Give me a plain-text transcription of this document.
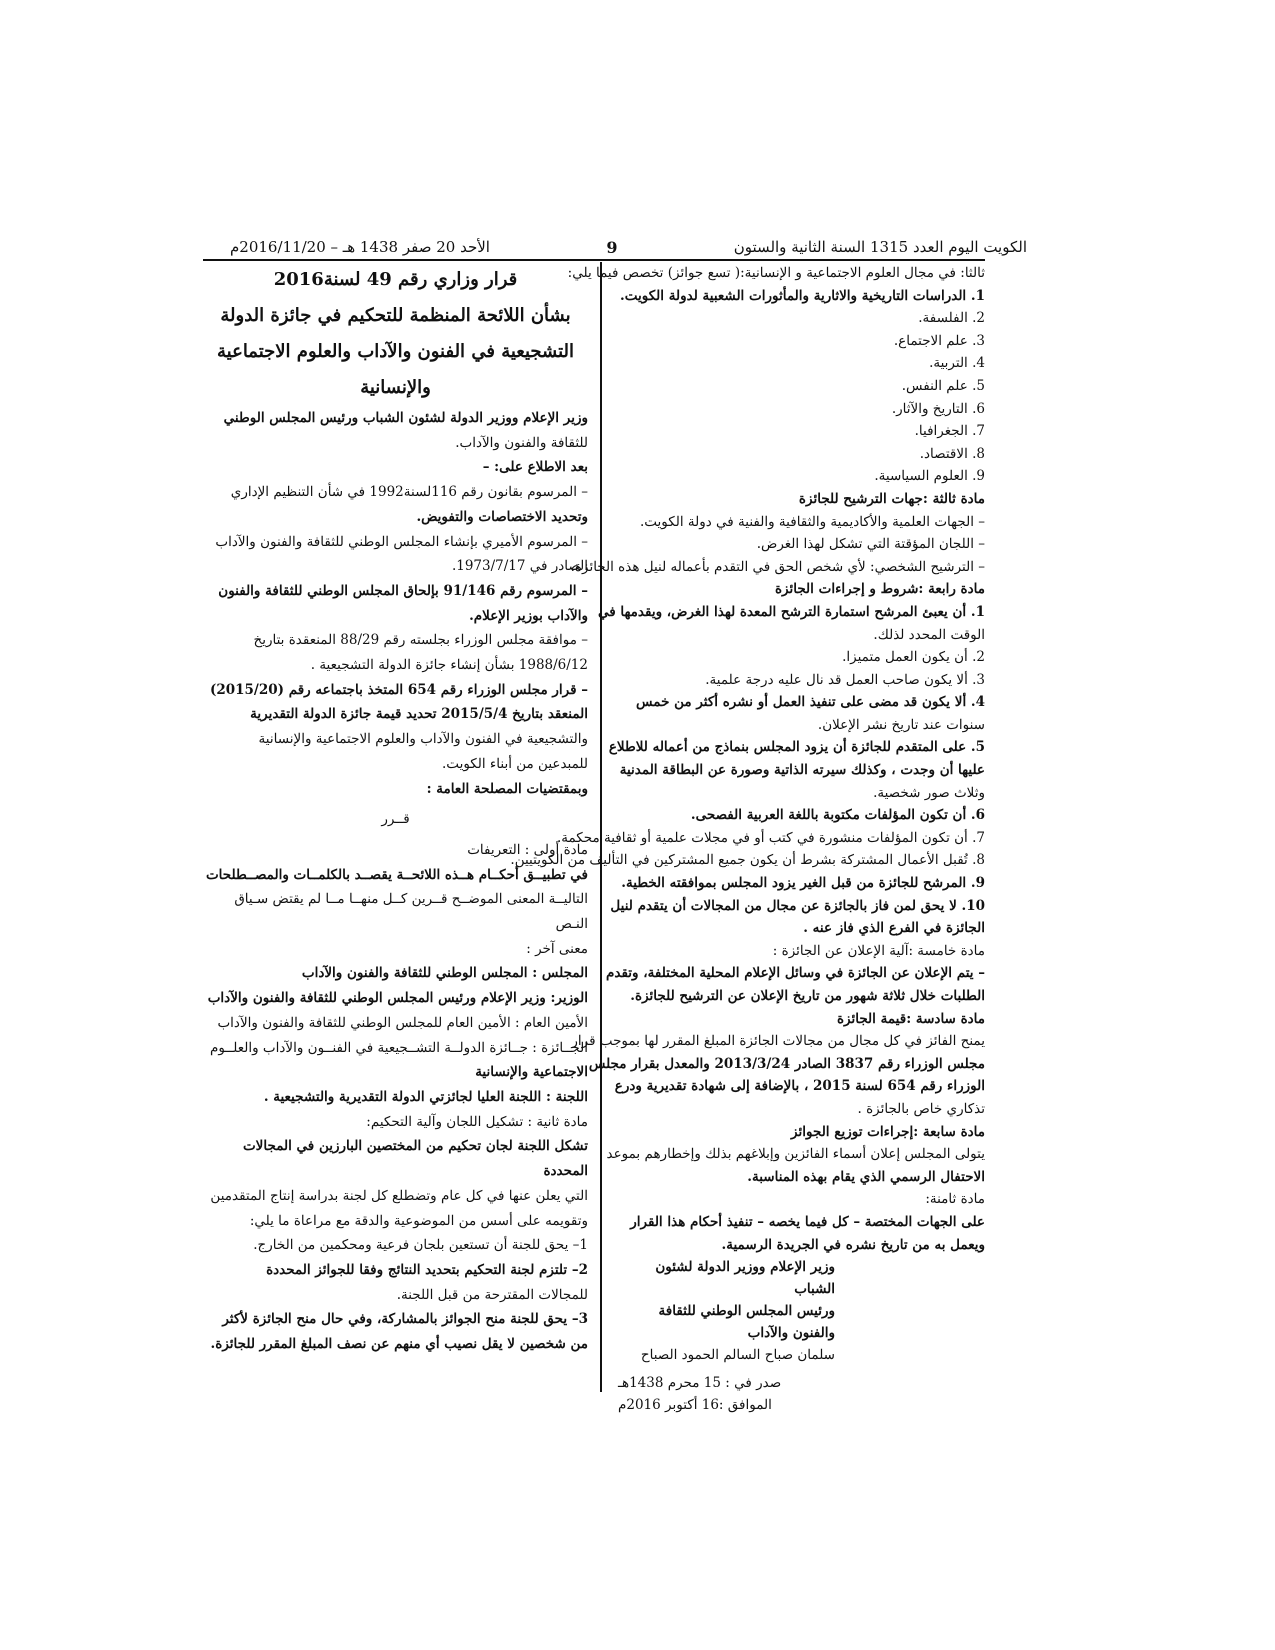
الكويت اليوم العدد 1315 السنة الثانية والستون
9
الأحد 20 صفر 1438 هـ – 2016/11/20م

ثالثا: في مجال العلوم الاجتماعية و الإنسانية:( تسع جوائز) تخصص فيما يلي:

1. الدراسات التاريخية والاثارية والمأثورات الشعبية لدولة الكويت.

2. الفلسفة.

3. علم الاجتماع.

4. التربية.

5. علم النفس.

6. التاريخ والآثار.

7. الجغرافيا.

8. الاقتصاد.

9. العلوم السياسية.

مادة ثالثة :جهات الترشيح للجائزة

– الجهات العلمية والأكاديمية والثقافية والفنية في دولة الكويت.

– اللجان المؤقتة التي تشكل لهذا الغرض.

– الترشيح الشخصي: لأي شخص الحق في التقدم بأعماله لنيل هذه الجائزة.

مادة رابعة :شروط و إجراءات الجائزة

1. أن يعبئ المرشح استمارة الترشح المعدة لهذا الغرض، ويقدمها في

الوقت المحدد لذلك.

2. أن يكون العمل متميزا.

3. ألا يكون صاحب العمل قد نال عليه درجة علمية.

4. ألا يكون قد مضى على تنفيذ العمل أو نشره أكثر من خمس

سنوات عند تاريخ نشر الإعلان.

5. على المتقدم للجائزة أن يزود المجلس بنماذج من أعماله للاطلاع

عليها أن وجدت ، وكذلك سيرته الذاتية وصورة عن البطاقة المدنية

وثلاث صور شخصية.

6. أن تكون المؤلفات مكتوبة باللغة العربية الفصحى.

7. أن تكون المؤلفات منشورة في كتب أو في مجلات علمية أو ثقافية محكمة.

8. تُقبل الأعمال المشتركة بشرط أن يكون جميع المشتركين في التأليف من الكويتيين.

9. المرشح للجائزة من قبل الغير يزود المجلس بموافقته الخطية.

10. لا يحق لمن فاز بالجائزة عن مجال من المجالات أن يتقدم لنيل

الجائزة في الفرع الذي فاز عنه .

مادة خامسة :آلية الإعلان عن الجائزة :

– يتم الإعلان عن الجائزة في وسائل الإعلام المحلية المختلفة، وتقدم

الطلبات خلال ثلاثة شهور من تاريخ الإعلان عن الترشيح للجائزة.

مادة سادسة :قيمة الجائزة

يمنح الفائز في كل مجال من مجالات الجائزة المبلغ المقرر لها بموجب قرار

مجلس الوزراء رقم 3837 الصادر 2013/3/24 والمعدل بقرار مجلس

الوزراء رقم 654 لسنة 2015 ، بالإضافة إلى شهادة تقديرية ودرع

تذكاري خاص بالجائزة .

مادة سابعة :إجراءات توزيع الجوائز

يتولى المجلس إعلان أسماء الفائزين وإبلاغهم بذلك وإخطارهم بموعد

الاحتفال الرسمي الذي يقام بهذه المناسبة.

مادة ثامنة:

على الجهات المختصة – كل فيما يخصه – تنفيذ أحكام هذا القرار

ويعمل به من تاريخ نشره في الجريدة الرسمية.

وزير الإعلام ووزير الدولة لشئون الشباب

ورئيس المجلس الوطني للثقافة والفنون والآداب

سلمان صباح السالم الحمود الصباح

صدر في : 15 محرم 1438هـ

الموافق :16 أكتوبر 2016م

قرار وزاري رقم 49 لسنة2016

بشأن اللائحة المنظمة للتحكيم في جائزة الدولة

التشجيعية في الفنون والآداب والعلوم الاجتماعية

والإنسانية

وزير الإعلام ووزير الدولة لشئون الشباب ورئيس المجلس الوطني

للثقافة والفنون والآداب.

بعد الاطلاع على: –

– المرسوم بقانون رقم 116لسنة1992 في شأن التنظيم الإداري

وتحديد الاختصاصات والتفويض.

– المرسوم الأميري بإنشاء المجلس الوطني للثقافة والفنون والآداب

الصادر في 1973/7/17.

– المرسوم رقم 91/146 بإلحاق المجلس الوطني للثقافة والفنون

والآداب بوزير الإعلام.

– موافقة مجلس الوزراء بجلسته رقم 88/29 المنعقدة بتاريخ

1988/6/12 بشأن إنشاء جائزة الدولة التشجيعية .

– قرار مجلس الوزراء رقم 654 المتخذ باجتماعه رقم (2015/20)

المنعقد بتاريخ 2015/5/4 تحديد قيمة جائزة الدولة التقديرية

والتشجيعية في الفنون والآداب والعلوم الاجتماعية والإنسانية

للمبدعين من أبناء الكويت.

وبمقتضيات المصلحة العامة :

قــرر

مادة أولى : التعريفات

في تطبيــق أحكــام هــذه اللائحــة يقصــد بالكلمــات والمصــطلحات

التاليــة المعنى الموضــح قــرين كــل منهــا مــا لم يقتض سـياق النـص

معنى آخر :

المجلس : المجلس الوطني للثقافة والفنون والآداب

الوزير: وزير الإعلام ورئيس المجلس الوطني للثقافة والفنون والآداب

الأمين العام : الأمين العام للمجلس الوطني للثقافة والفنون والآداب

الجــائزة : جــائزة الدولــة التشــجيعية في الفنــون والآداب والعلــوم

الاجتماعية والإنسانية

اللجنة : اللجنة العليا لجائزتي الدولة التقديرية والتشجيعية .

مادة ثانية : تشكيل اللجان وآلية التحكيم:

تشكل اللجنة لجان تحكيم من المختصين البارزين في المجالات المحددة

التي يعلن عنها في كل عام وتضطلع كل لجنة بدراسة إنتاج المتقدمين

وتقويمه على أسس من الموضوعية والدقة مع مراعاة ما يلي:

1– يحق للجنة أن تستعين بلجان فرعية ومحكمين من الخارج.

2– تلتزم لجنة التحكيم بتحديد النتائج وفقا للجوائز المحددة

للمجالات المقترحة من قبل اللجنة.

3– يحق للجنة منح الجوائز بالمشاركة، وفي حال منح الجائزة لأكثر

من شخصين لا يقل نصيب أي منهم عن نصف المبلغ المقرر للجائزة.
